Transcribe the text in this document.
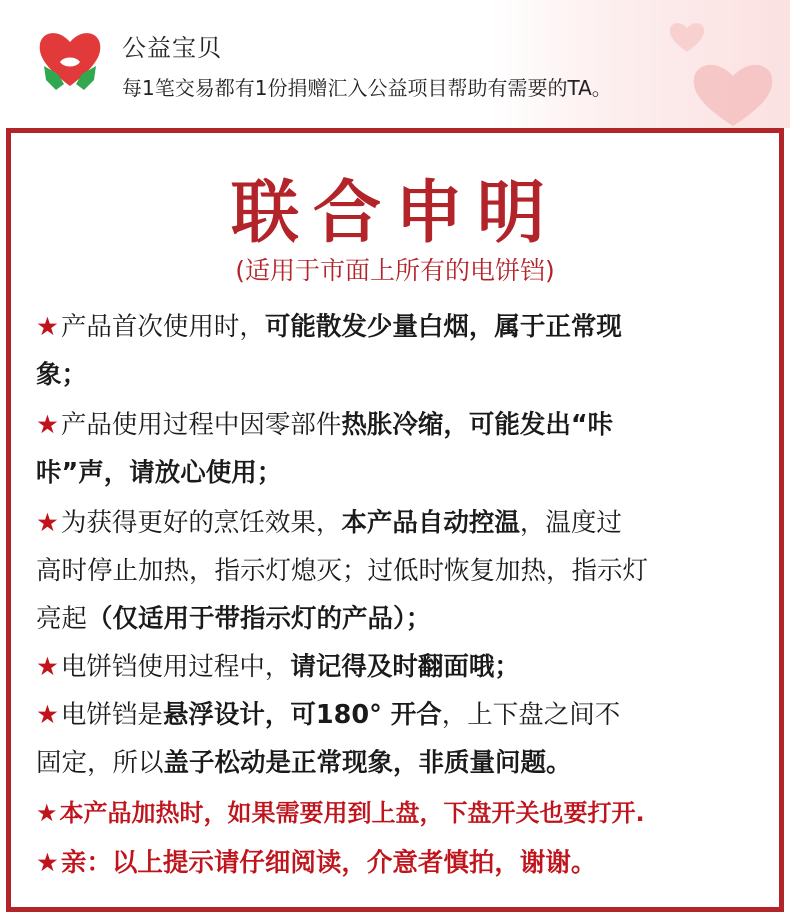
公益宝贝
每1笔交易都有1份捐赠汇入公益项目帮助有需要的TA。
联合申明
(适用于市面上所有的电饼铛)
★产品首次使用时，可能散发少量白烟，属于正常现
象；
★产品使用过程中因零部件热胀冷缩，可能发出“咔
咔”声，请放心使用；
★为获得更好的烹饪效果，本产品自动控温，温度过
高时停止加热，指示灯熄灭；过低时恢复加热，指示灯
亮起（仅适用于带指示灯的产品）；
★电饼铛使用过程中，请记得及时翻面哦；
★电饼铛是悬浮设计，可180° 开合，上下盘之间不
固定，所以盖子松动是正常现象，非质量问题。
★本产品加热时，如果需要用到上盘，下盘开关也要打开.
★亲：以上提示请仔细阅读，介意者慎拍，谢谢。
